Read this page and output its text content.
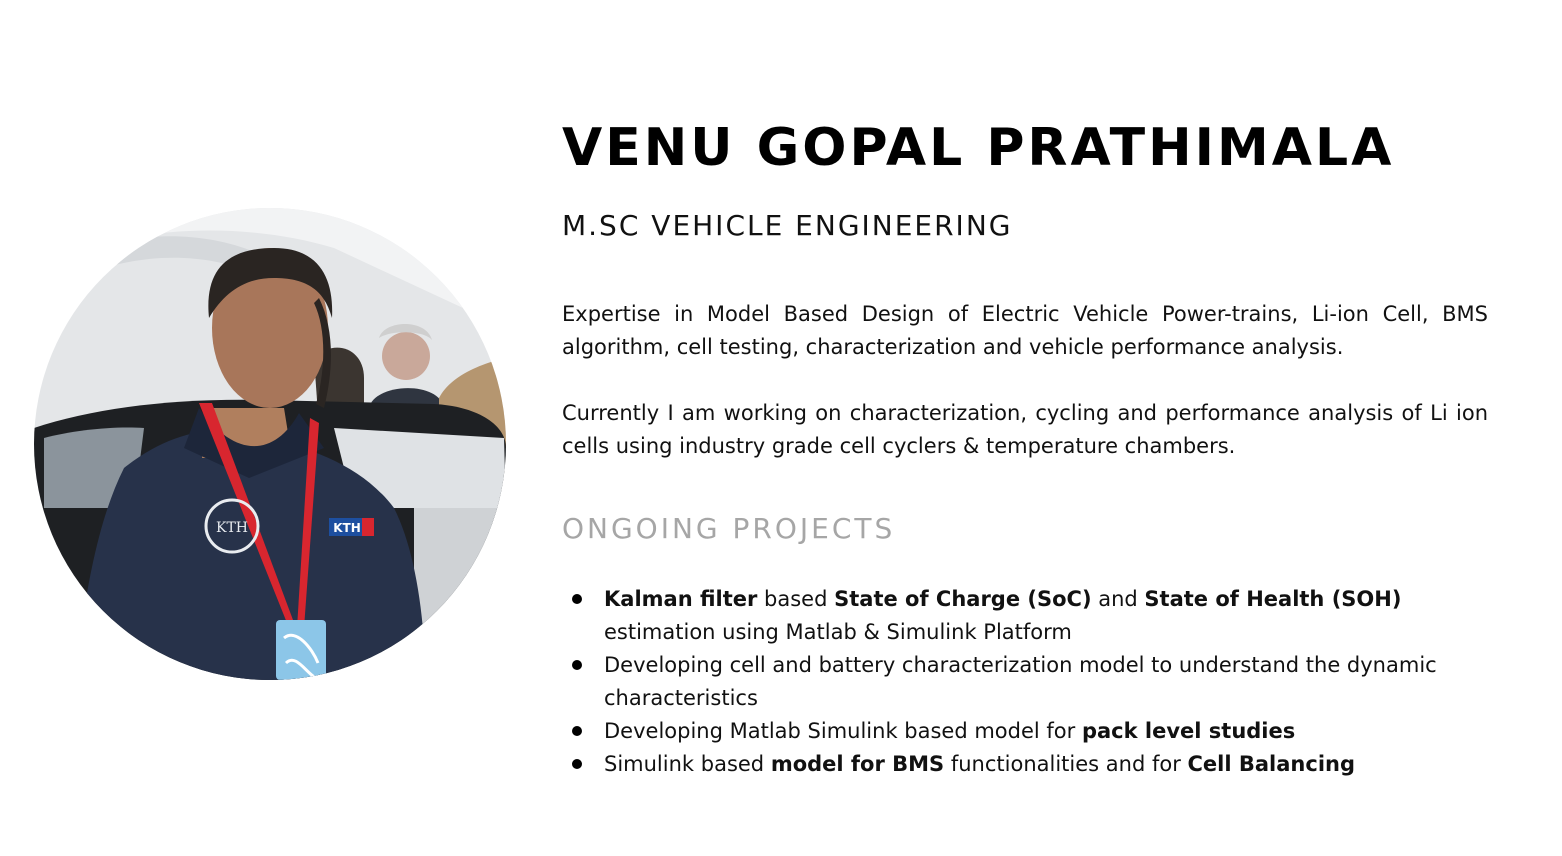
KTH	KTH
VENU GOPAL PRATHIMALA
M.SC VEHICLE ENGINEERING

Expertise in Model Based Design of Electric Vehicle Power-trains, Li-ion Cell, BMS algorithm, cell testing, characterization and vehicle performance analysis.

Currently I am working on characterization, cycling and performance analysis of Li ion cells using industry grade cell cyclers & temperature chambers.

ONGOING PROJECTS
Kalman filter based State of Charge (SoC) and State of Health (SOH) estimation using Matlab & Simulink Platform
Developing cell and battery characterization model to understand the dynamic characteristics
Developing Matlab Simulink based model for pack level studies
Simulink based model for BMS functionalities and for Cell Balancing
